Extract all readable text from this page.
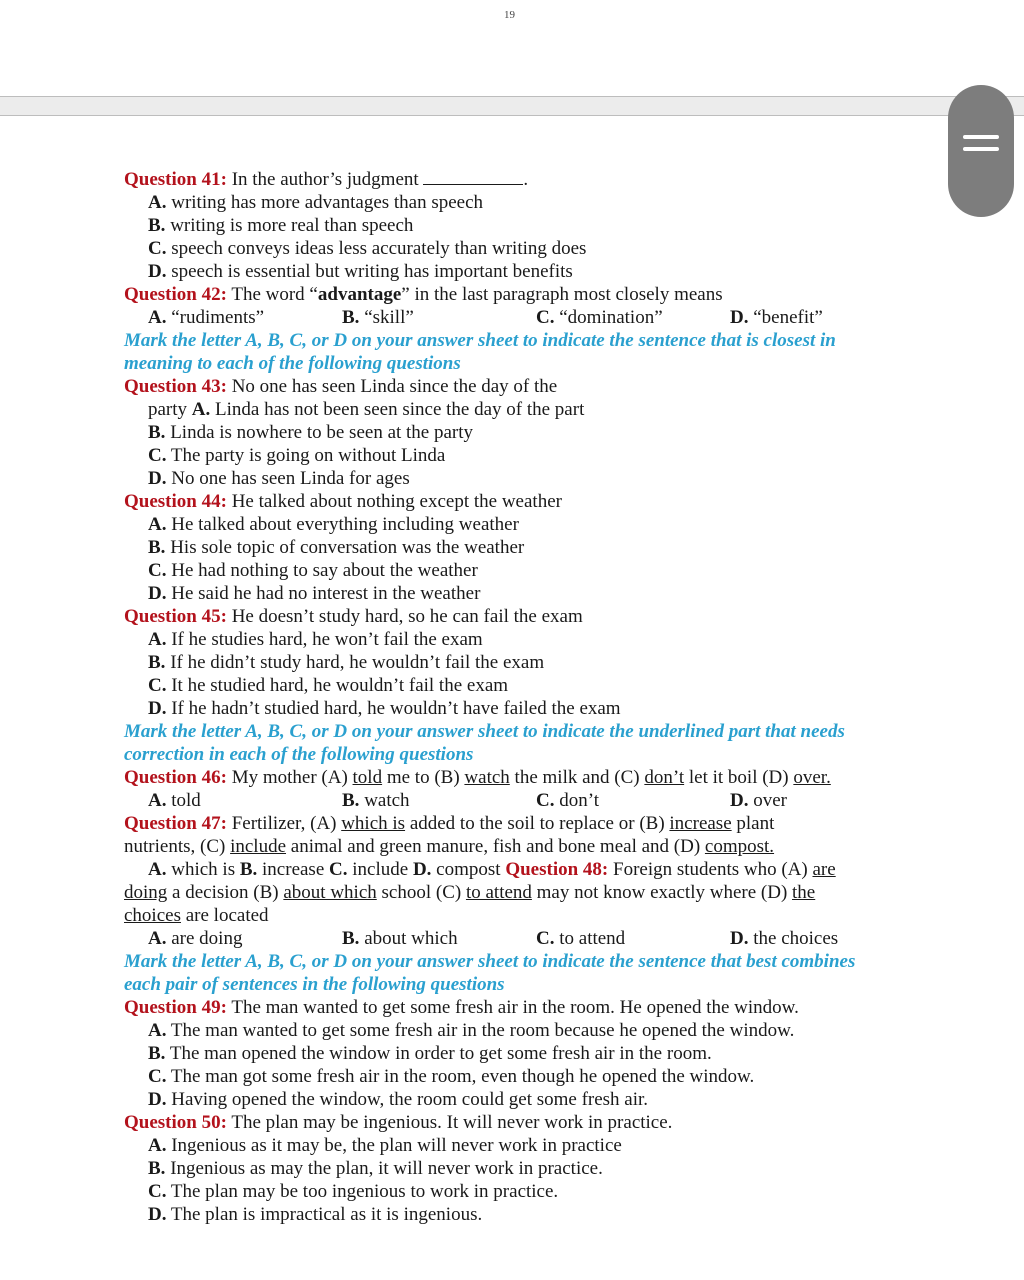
19
Question 41: In the author’s judgment	.
A. writing has more advantages than speech
B. writing is more real than speech
C. speech conveys ideas less accurately than writing does
D. speech is essential but writing has important benefits
Question 42: The word “advantage” in the last paragraph most closely means
A. “rudiments”	B. “skill”	C. “domination”	D. “benefit”
Mark the letter A, B, C, or D on your answer sheet to indicate the sentence that is closest in
meaning to each of the following questions
Question 43: No one has seen Linda since the day of the
party A. Linda has not been seen since the day of the part
B. Linda is nowhere to be seen at the party
C. The party is going on without Linda
D. No one has seen Linda for ages
Question 44: He talked about nothing except the weather
A. He talked about everything including weather
B. His sole topic of conversation was the weather
C. He had nothing to say about the weather
D. He said he had no interest in the weather
Question 45: He doesn’t study hard, so he can fail the exam
A. If he studies hard, he won’t fail the exam
B. If he didn’t study hard, he wouldn’t fail the exam
C. It he studied hard, he wouldn’t fail the exam
D. If he hadn’t studied hard, he wouldn’t have failed the exam
Mark the letter A, B, C, or D on your answer sheet to indicate the underlined part that needs
correction in each of the following questions
Question 46: My mother (A) told me to (B) watch the milk and (C) don’t let it boil (D) over.
A. told	B. watch	C. don’t	D. over
Question 47: Fertilizer, (A) which is added to the soil to replace or (B) increase plant
nutrients, (C) include animal and green manure, fish and bone meal and (D) compost.
A. which is B. increase C. include D. compost Question 48: Foreign students who (A) are
doing a decision (B) about which school (C) to attend may not know exactly where (D) the
choices are located
A. are doing	B. about which	C. to attend	D. the choices
Mark the letter A, B, C, or D on your answer sheet to indicate the sentence that best combines
each pair of sentences in the following questions
Question 49: The man wanted to get some fresh air in the room. He opened the window.
A. The man wanted to get some fresh air in the room because he opened the window.
B. The man opened the window in order to get some fresh air in the room.
C. The man got some fresh air in the room, even though he opened the window.
D. Having opened the window, the room could get some fresh air.
Question 50: The plan may be ingenious. It will never work in practice.
A. Ingenious as it may be, the plan will never work in practice
B. Ingenious as may the plan, it will never work in practice.
C. The plan may be too ingenious to work in practice.
D. The plan is impractical as it is ingenious.
